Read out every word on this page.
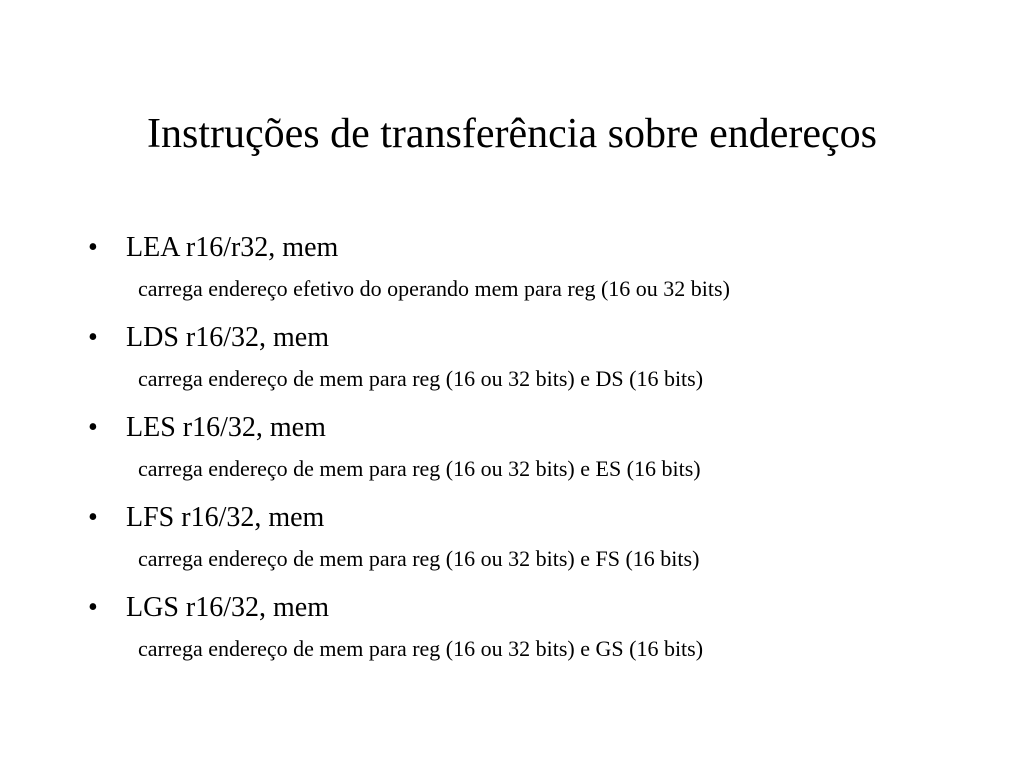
Instruções de transferência sobre endereços
• LEA r16/r32, mem
carrega endereço efetivo do operando mem para reg (16 ou 32 bits)
• LDS r16/32, mem
carrega endereço de mem para reg (16 ou 32 bits) e DS (16 bits)
• LES r16/32, mem
carrega endereço de mem para reg (16 ou 32 bits) e ES (16 bits)
• LFS r16/32, mem
carrega endereço de mem para reg (16 ou 32 bits) e FS (16 bits)
• LGS r16/32, mem
carrega endereço de mem para reg (16 ou 32 bits) e GS (16 bits)
